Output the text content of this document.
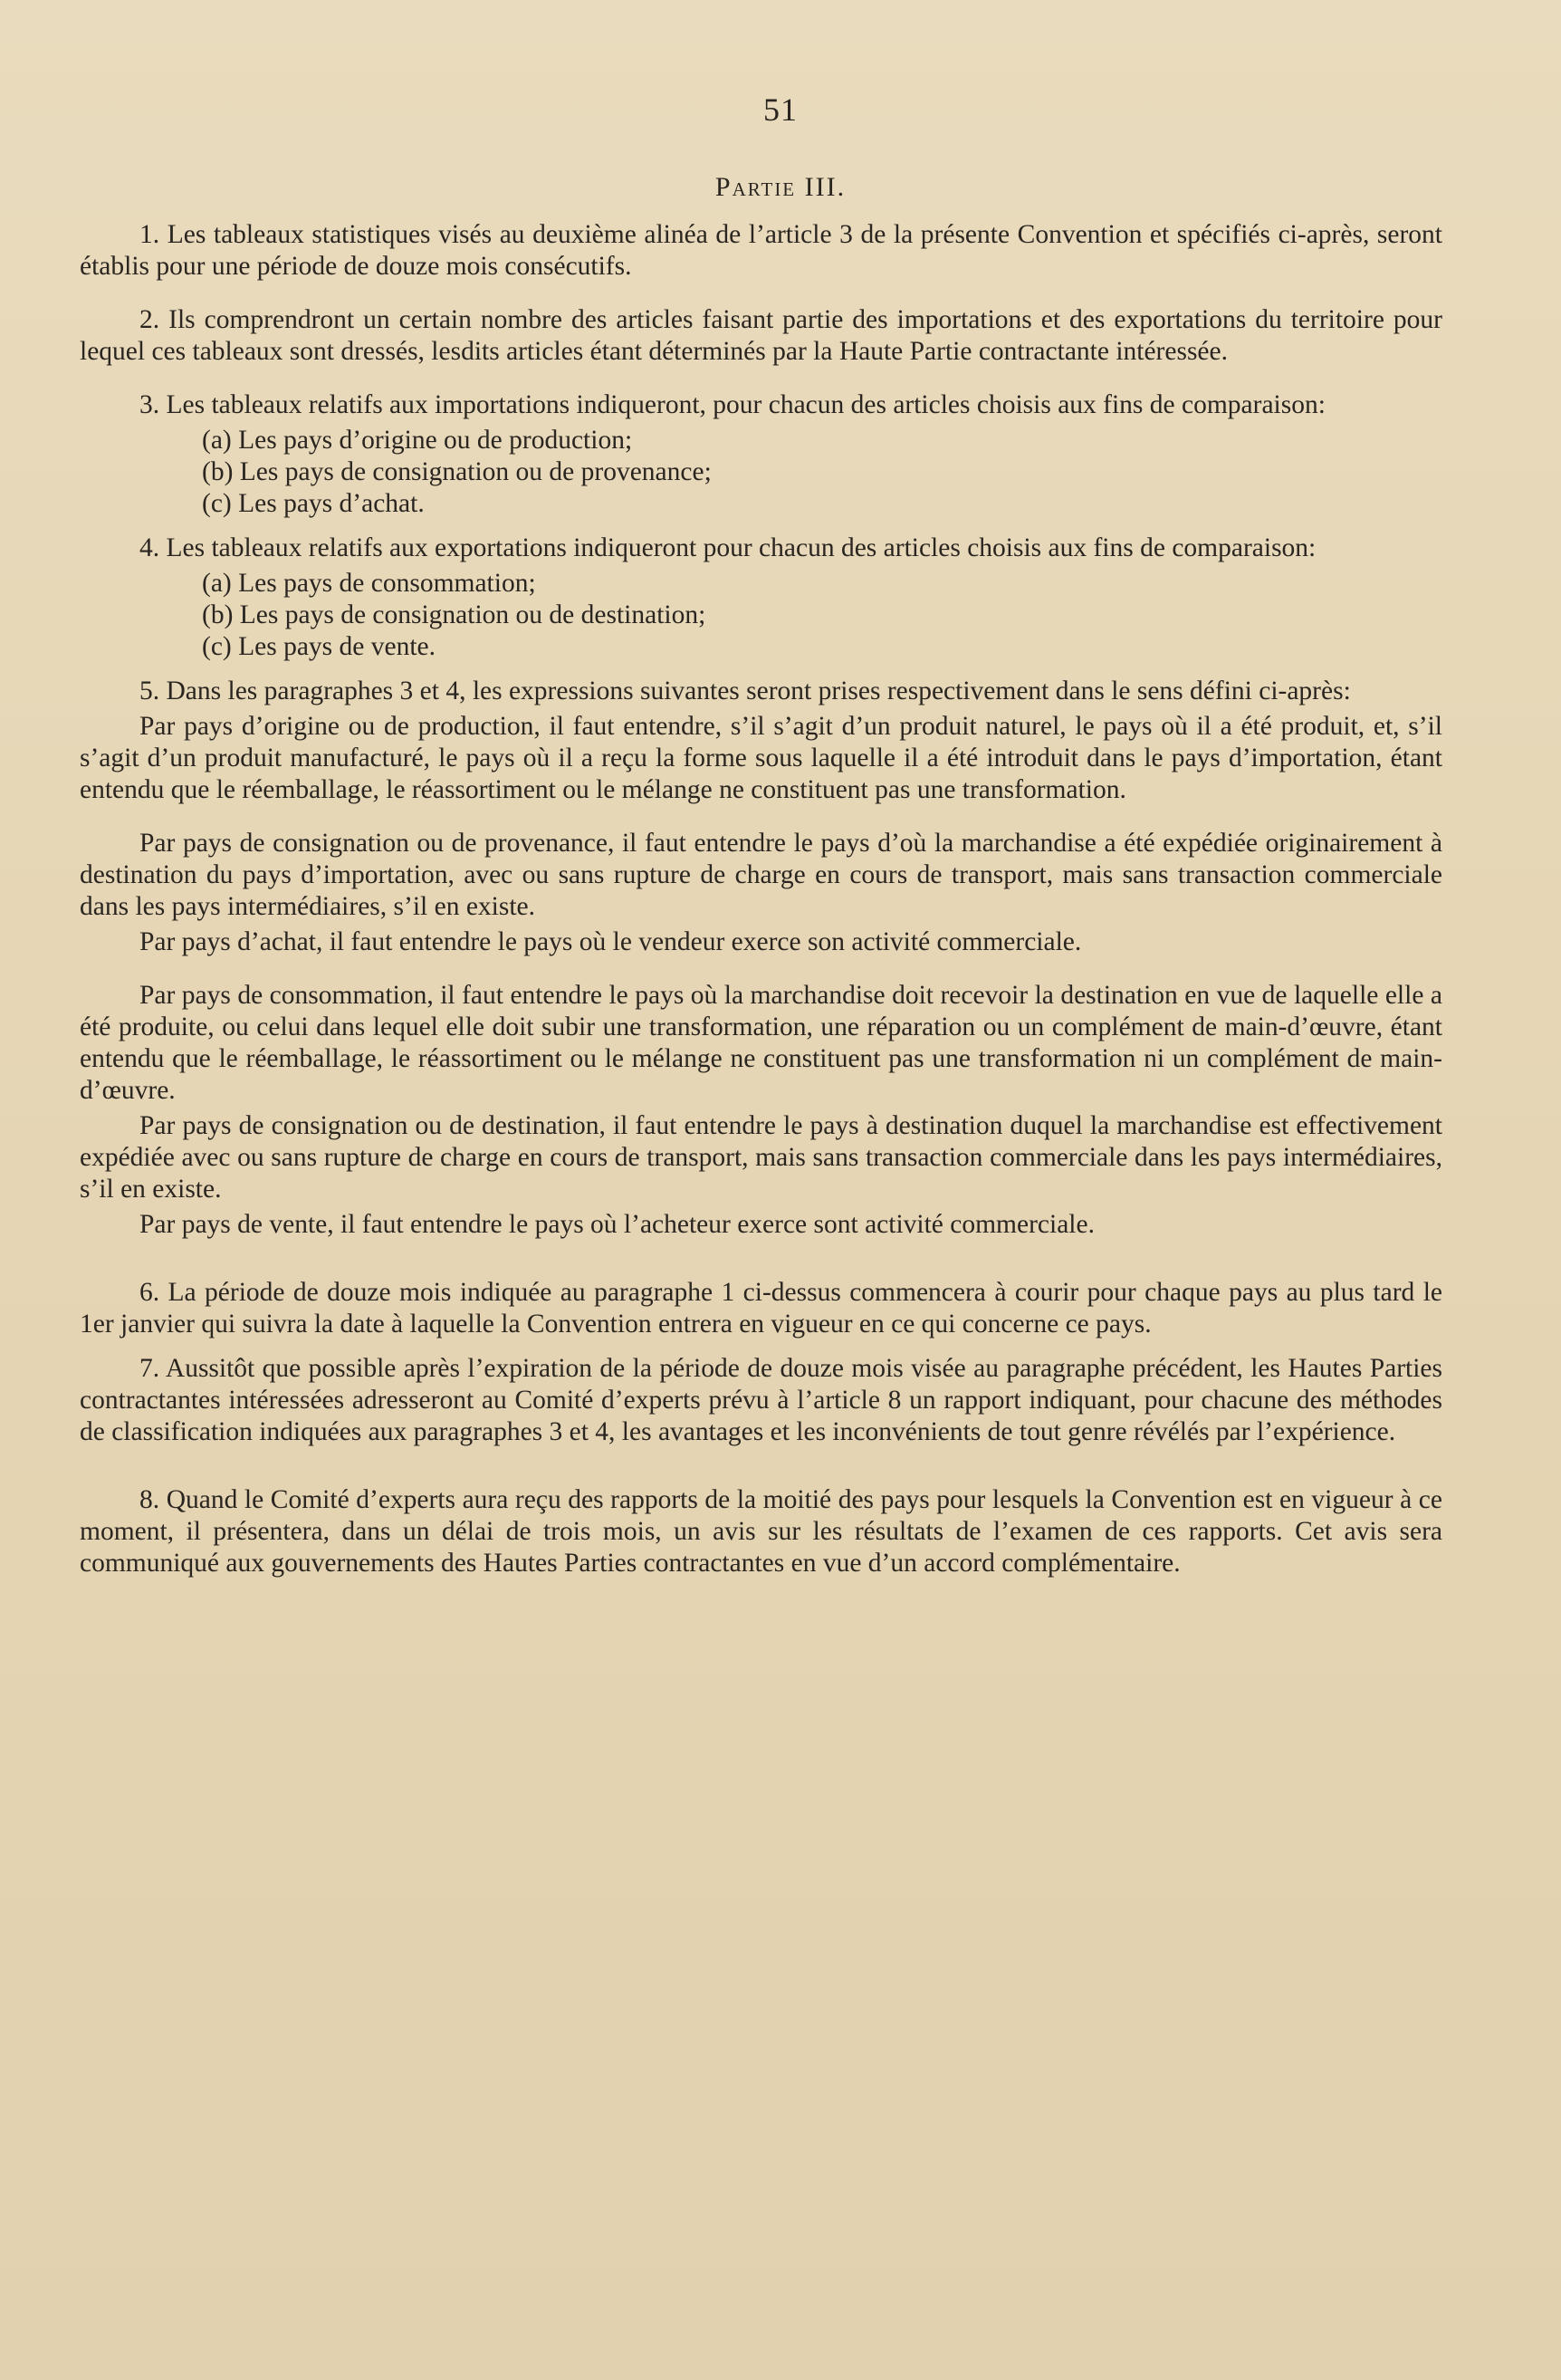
51
Partie III.

1. Les tableaux statistiques visés au deuxième alinéa de l’article 3 de la présente Convention et spécifiés ci-après, seront établis pour une période de douze mois consécutifs.

2. Ils comprendront un certain nombre des articles faisant partie des importations et des exportations du territoire pour lequel ces tableaux sont dressés, lesdits articles étant déterminés par la Haute Partie contractante intéressée.

3. Les tableaux relatifs aux importations indiqueront, pour chacun des articles choisis aux fins de comparaison:

(a) Les pays d’origine ou de production;
(b) Les pays de consignation ou de provenance;
(c) Les pays d’achat.

4. Les tableaux relatifs aux exportations indiqueront pour chacun des articles choisis aux fins de comparaison:

(a) Les pays de consommation;
(b) Les pays de consignation ou de destination;
(c) Les pays de vente.

5. Dans les paragraphes 3 et 4, les expressions suivantes seront prises respectivement dans le sens défini ci-après:

Par pays d’origine ou de production, il faut entendre, s’il s’agit d’un produit naturel, le pays où il a été produit, et, s’il s’agit d’un produit manufacturé, le pays où il a reçu la forme sous laquelle il a été introduit dans le pays d’importation, étant entendu que le réemballage, le réassortiment ou le mélange ne constituent pas une transformation.

Par pays de consignation ou de provenance, il faut entendre le pays d’où la marchandise a été expédiée originairement à destination du pays d’importation, avec ou sans rupture de charge en cours de transport, mais sans transaction commerciale dans les pays intermédiaires, s’il en existe.

Par pays d’achat, il faut entendre le pays où le vendeur exerce son activité commerciale.

Par pays de consommation, il faut entendre le pays où la marchandise doit recevoir la destination en vue de laquelle elle a été produite, ou celui dans lequel elle doit subir une transformation, une réparation ou un complément de main-d’œuvre, étant entendu que le réemballage, le réassortiment ou le mélange ne constituent pas une transformation ni un complément de main-d’œuvre.

Par pays de consignation ou de destination, il faut entendre le pays à destination duquel la marchandise est effectivement expédiée avec ou sans rupture de charge en cours de transport, mais sans transaction commerciale dans les pays intermédiaires, s’il en existe.

Par pays de vente, il faut entendre le pays où l’acheteur exerce sont activité commerciale.

6. La période de douze mois indiquée au paragraphe 1 ci-dessus commencera à courir pour chaque pays au plus tard le 1er janvier qui suivra la date à laquelle la Convention entrera en vigueur en ce qui concerne ce pays.

7. Aussitôt que possible après l’expiration de la période de douze mois visée au paragraphe précédent, les Hautes Parties contractantes intéressées adresseront au Comité d’experts prévu à l’article 8 un rapport indiquant, pour chacune des méthodes de classification indiquées aux paragraphes 3 et 4, les avantages et les inconvénients de tout genre révélés par l’expérience.

8. Quand le Comité d’experts aura reçu des rapports de la moitié des pays pour lesquels la Convention est en vigueur à ce moment, il présentera, dans un délai de trois mois, un avis sur les résultats de l’examen de ces rapports. Cet avis sera communiqué aux gouvernements des Hautes Parties contractantes en vue d’un accord complémentaire.
